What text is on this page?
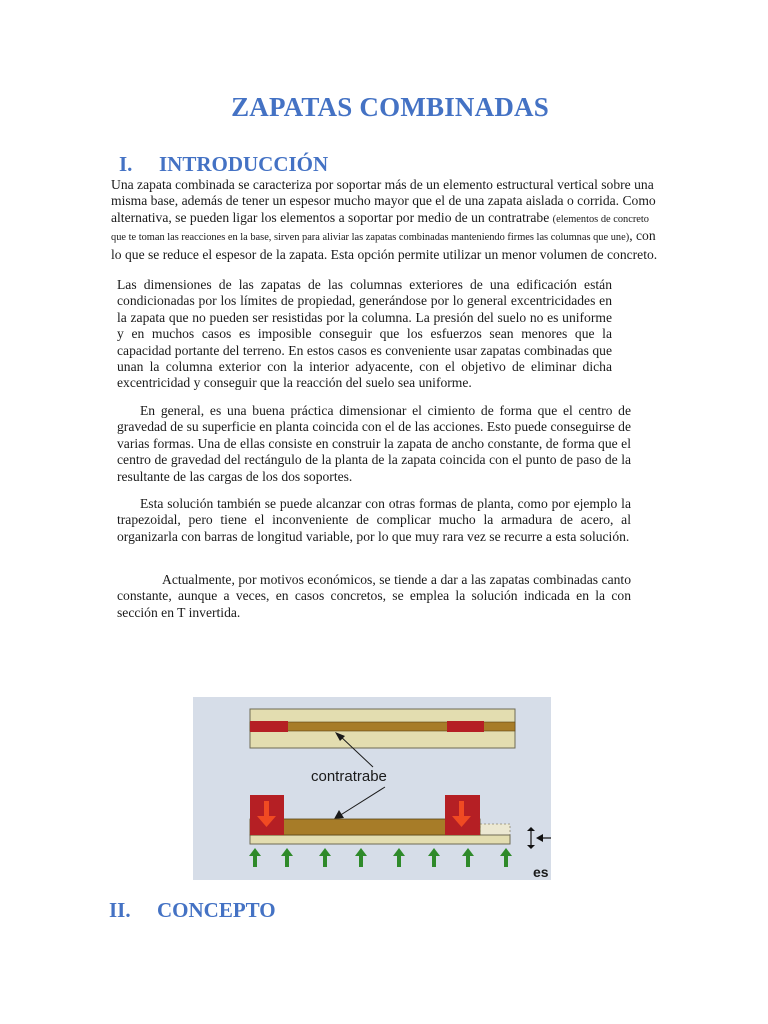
ZAPATAS COMBINADAS
I.	INTRODUCCIÓN

Una zapata combinada se caracteriza por soportar más de un elemento estructural vertical sobre una misma base, además de tener un espesor mucho mayor que el de una zapata aislada o corrida. Como alternativa, se pueden ligar los elementos a soportar por medio de un contratrabe (elementos de concreto que te toman las reacciones en la base, sirven para aliviar las zapatas combinadas manteniendo firmes las columnas que une), con lo que se reduce el espesor de la zapata. Esta opción permite utilizar un menor volumen de concreto.

Las dimensiones de las zapatas de las columnas exteriores de una edificación están condicionadas por los límites de propiedad, generándose por lo general excentricidades en la zapata que no pueden ser resistidas por la columna. La presión del suelo no es uniforme y en muchos casos es imposible conseguir que los esfuerzos sean menores que la capacidad portante del terreno. En estos casos es conveniente usar zapatas combinadas que unan la columna exterior con la interior adyacente, con el objetivo de eliminar dicha excentricidad y conseguir que la reacción del suelo sea uniforme.

En general, es una buena práctica dimensionar el cimiento de forma que el centro de gravedad de su superficie en planta coincida con el de las acciones. Esto puede conseguirse de varias formas. Una de ellas consiste en construir la zapata de ancho constante, de forma que el centro de gravedad del rectángulo de la planta de la zapata coincida con el punto de paso de la resultante de las cargas de los dos soportes.

Esta solución también se puede alcanzar con otras formas de planta, como por ejemplo la trapezoidal, pero tiene el inconveniente de complicar mucho la armadura de acero, al organizarla con barras de longitud variable, por lo que muy rara vez se recurre a esta solución.

Actualmente, por motivos económicos, se tiende a dar a las zapatas combinadas canto constante, aunque a veces, en casos concretos, se emplea la solución indicada en la con sección en T invertida.

contratrabe
es
II.	CONCEPTO
